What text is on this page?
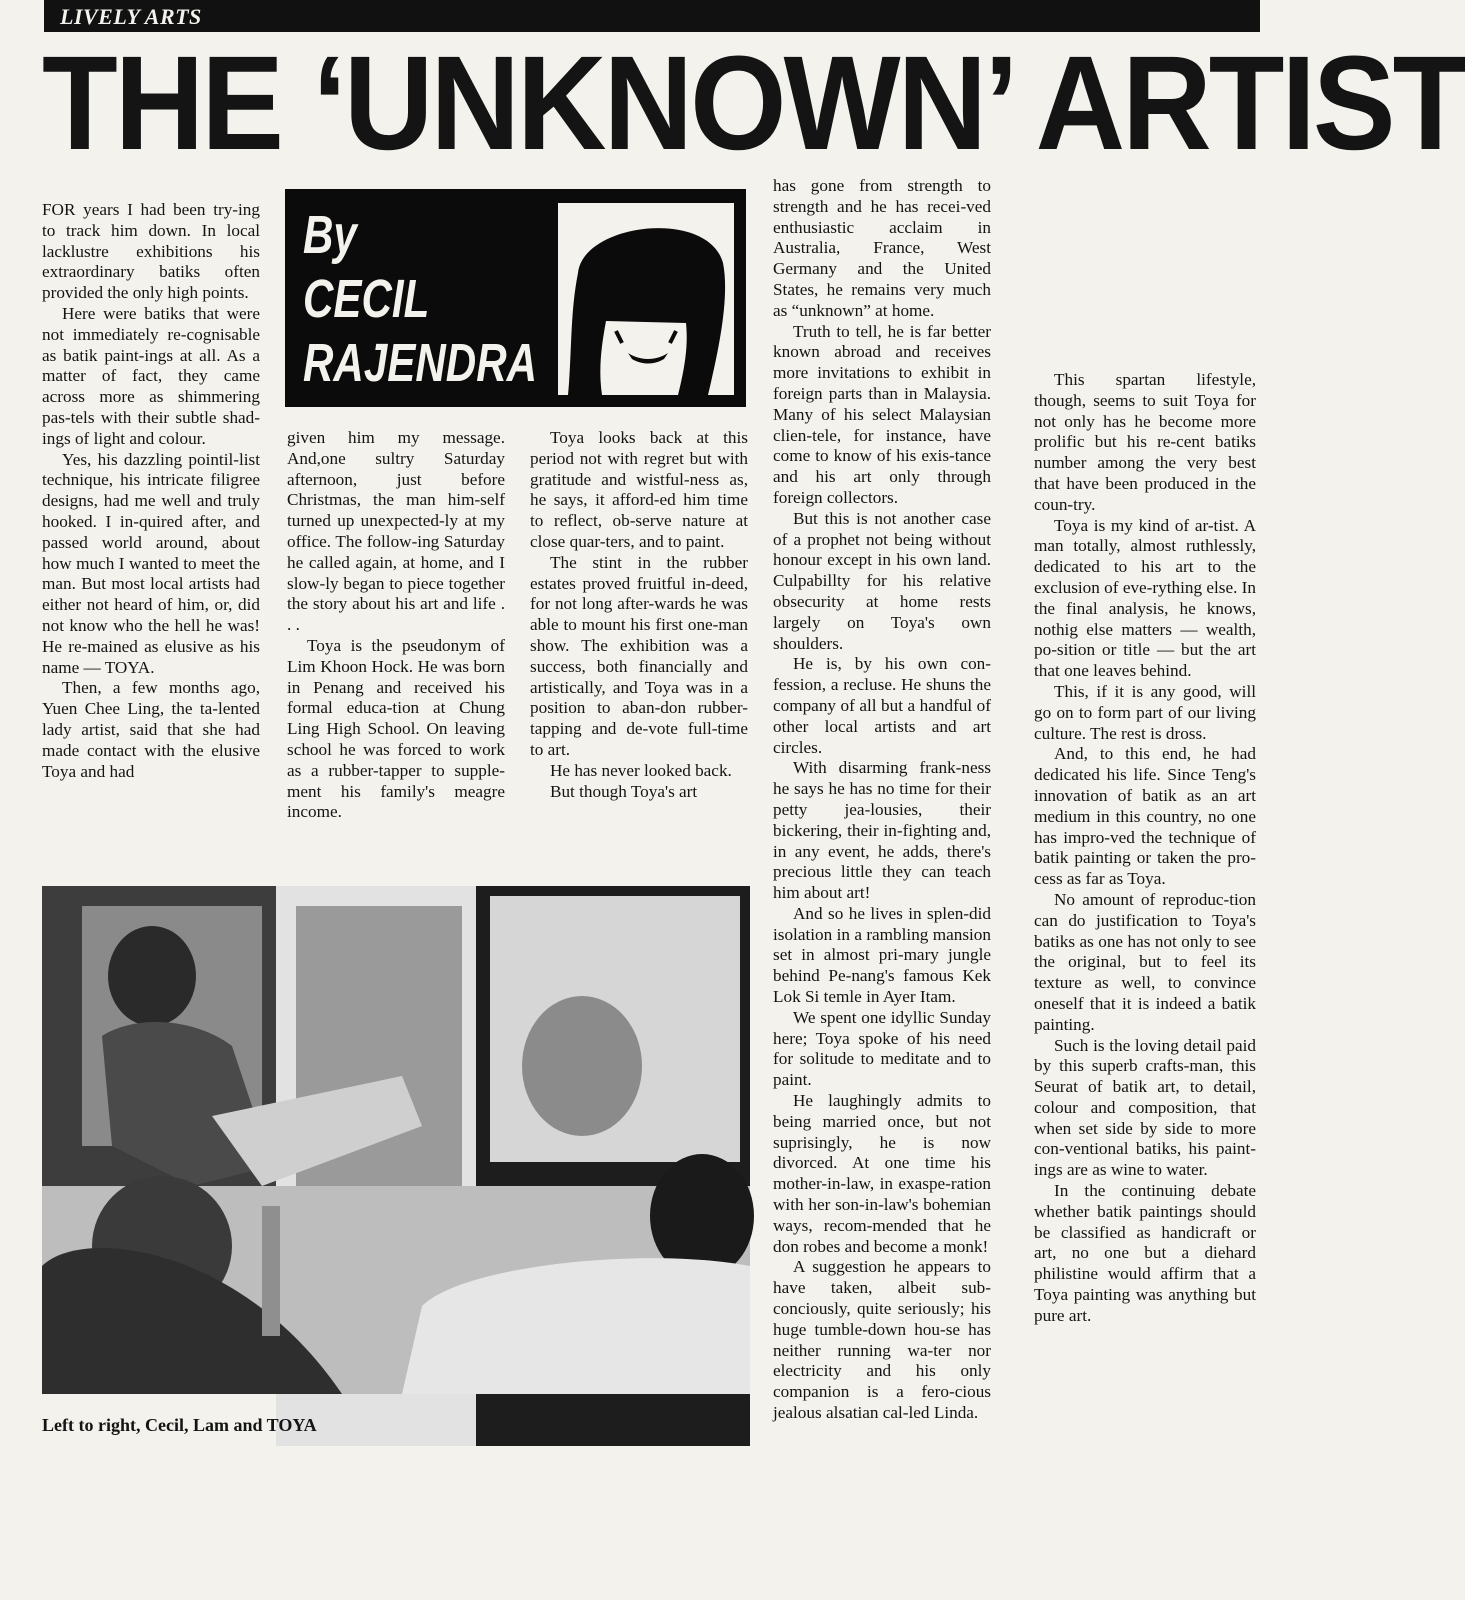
LIVELY ARTS
THE ‘UNKNOWN’ ARTIST
By
CECIL
RAJENDRA

FOR years I had been try-ing to track him down. In local lacklustre exhibitions his extraordinary batiks often provided the only high points.

Here were batiks that were not immediately re-cognisable as batik paint-ings at all. As a matter of fact, they came across more as shimmering pas-tels with their subtle shad-ings of light and colour.

Yes, his dazzling pointil-list technique, his intricate filigree designs, had me well and truly hooked. I in-quired after, and passed world around, about how much I wanted to meet the man. But most local artists had either not heard of him, or, did not know who the hell he was! He re-mained as elusive as his name — TOYA.

Then, a few months ago, Yuen Chee Ling, the ta-lented lady artist, said that she had made contact with the elusive Toya and had

given him my message. And,one sultry Saturday afternoon, just before Christmas, the man him-self turned up unexpected-ly at my office. The follow-ing Saturday he called again, at home, and I slow-ly began to piece together the story about his art and life . . .

Toya is the pseudonym of Lim Khoon Hock. He was born in Penang and received his formal educa-tion at Chung Ling High School. On leaving school he was forced to work as a rubber-tapper to supple-ment his family's meagre income.

Toya looks back at this period not with regret but with gratitude and wistful-ness as, he says, it afford-ed him time to reflect, ob-serve nature at close quar-ters, and to paint.

The stint in the rubber estates proved fruitful in-deed, for not long after-wards he was able to mount his first one-man show. The exhibition was a success, both financially and artistically, and Toya was in a position to aban-don rubber-tapping and de-vote full-time to art.

He has never looked back.

But though Toya's art

has gone from strength to strength and he has recei-ved enthusiastic acclaim in Australia, France, West Germany and the United States, he remains very much as “unknown” at home.

Truth to tell, he is far better known abroad and receives more invitations to exhibit in foreign parts than in Malaysia. Many of his select Malaysian clien-tele, for instance, have come to know of his exis-tance and his art only through foreign collectors.

But this is not another case of a prophet not being without honour except in his own land. Culpabillty for his relative obsecurity at home rests largely on Toya's own shoulders.

He is, by his own con-fession, a recluse. He shuns the company of all but a handful of other local artists and art circles.

With disarming frank-ness he says he has no time for their petty jea-lousies, their bickering, their in-fighting and, in any event, he adds, there's precious little they can teach him about art!

And so he lives in splen-did isolation in a rambling mansion set in almost pri-mary jungle behind Pe-nang's famous Kek Lok Si temle in Ayer Itam.

We spent one idyllic Sunday here; Toya spoke of his need for solitude to meditate and to paint.

He laughingly admits to being married once, but not suprisingly, he is now divorced. At one time his mother-in-law, in exaspe-ration with her son-in-law's bohemian ways, recom-mended that he don robes and become a monk!

A suggestion he appears to have taken, albeit sub-conciously, quite seriously; his huge tumble-down hou-se has neither running wa-ter nor electricity and his only companion is a fero-cious jealous alsatian cal-led Linda.

This spartan lifestyle, though, seems to suit Toya for not only has he become more prolific but his re-cent batiks number among the very best that have been produced in the coun-try.

Toya is my kind of ar-tist. A man totally, almost ruthlessly, dedicated to his art to the exclusion of eve-rything else. In the final analysis, he knows, nothig else matters — wealth, po-sition or title — but the art that one leaves behind.

This, if it is any good, will go on to form part of our living culture. The rest is dross.

And, to this end, he had dedicated his life. Since Teng's innovation of batik as an art medium in this country, no one has impro-ved the technique of batik painting or taken the pro-cess as far as Toya.

No amount of reproduc-tion can do justification to Toya's batiks as one has not only to see the original, but to feel its texture as well, to convince oneself that it is indeed a batik painting.

Such is the loving detail paid by this superb crafts-man, this Seurat of batik art, to detail, colour and composition, that when set side by side to more con-ventional batiks, his paint-ings are as wine to water.

In the continuing debate whether batik paintings should be classified as handicraft or art, no one but a diehard philistine would affirm that a Toya painting was anything but pure art.

Left to right, Cecil, Lam and TOYA
